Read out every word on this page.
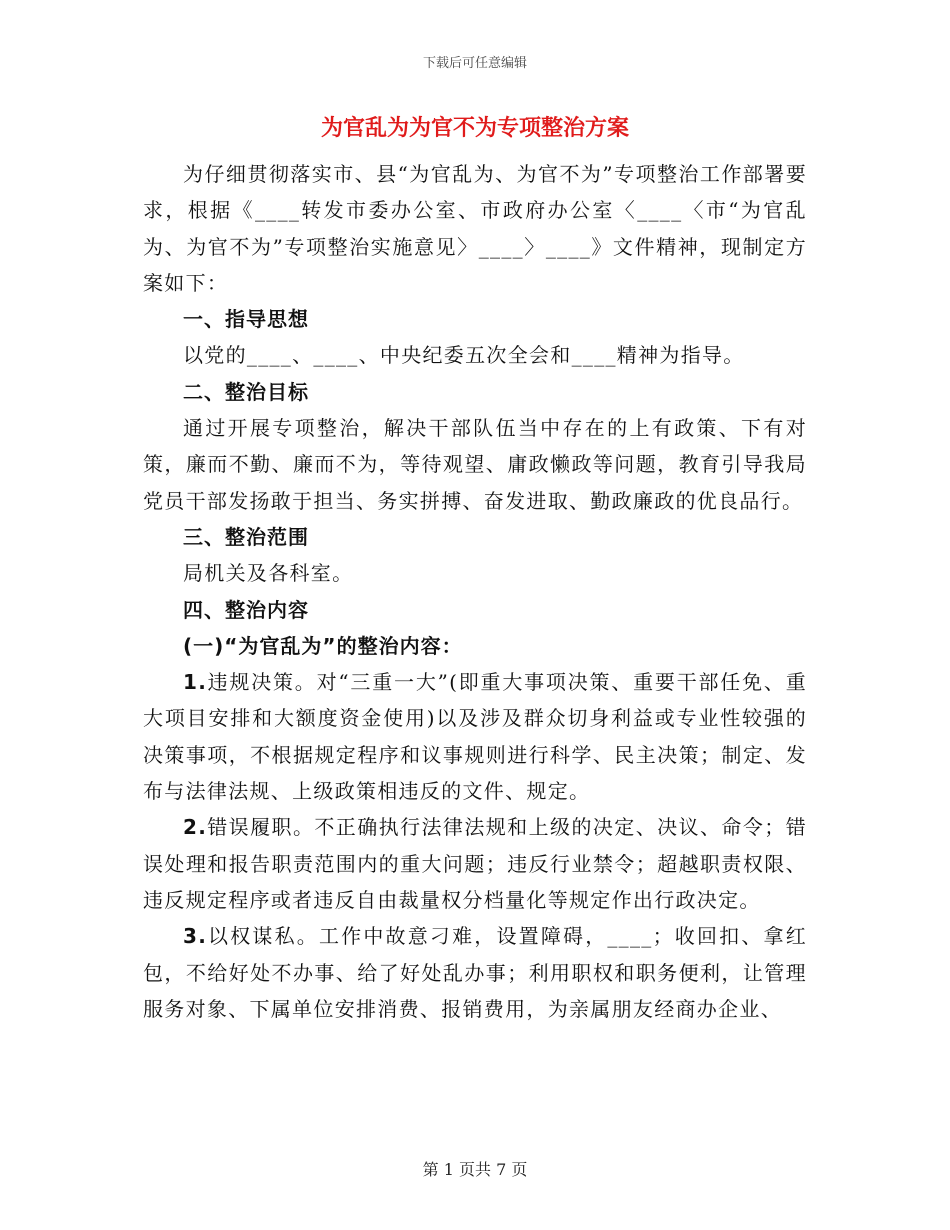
下载后可任意编辑
为官乱为为官不为专项整治方案

为仔细贯彻落实市、县“为官乱为、为官不为”专项整治工作部署要求，根据《____转发市委办公室、市政府办公室〈____〈市“为官乱为、为官不为”专项整治实施意见〉____〉____》文件精神，现制定方案如下：

一、指导思想

以党的____、____、中央纪委五次全会和____精神为指导。

二、整治目标

通过开展专项整治，解决干部队伍当中存在的上有政策、下有对策，廉而不勤、廉而不为，等待观望、庸政懒政等问题，教育引导我局党员干部发扬敢于担当、务实拼搏、奋发进取、勤政廉政的优良品行。

三、整治范围

局机关及各科室。

四、整治内容

(一)“为官乱为”的整治内容：

1.违规决策。对“三重一大”(即重大事项决策、重要干部任免、重大项目安排和大额度资金使用)以及涉及群众切身利益或专业性较强的决策事项，不根据规定程序和议事规则进行科学、民主决策；制定、发布与法律法规、上级政策相违反的文件、规定。

2.错误履职。不正确执行法律法规和上级的决定、决议、命令；错误处理和报告职责范围内的重大问题；违反行业禁令；超越职责权限、违反规定程序或者违反自由裁量权分档量化等规定作出行政决定。

3.以权谋私。工作中故意刁难，设置障碍，____；收回扣、拿红包，不给好处不办事、给了好处乱办事；利用职权和职务便利，让管理服务对象、下属单位安排消费、报销费用，为亲属朋友经商办企业、

第 1 页共 7 页
